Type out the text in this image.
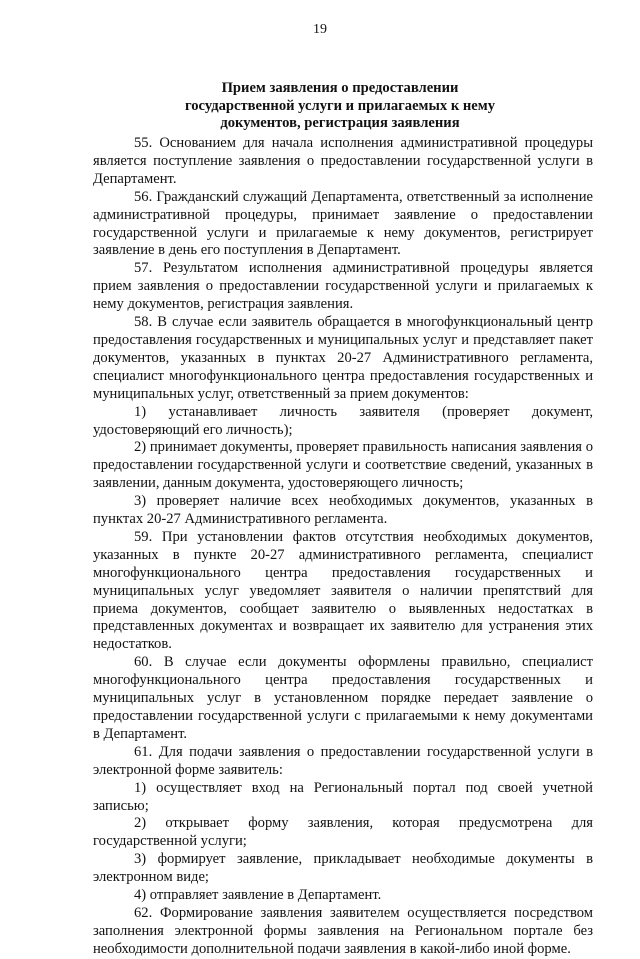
19
Прием заявления о предоставлении
государственной услуги и прилагаемых к нему
документов, регистрация заявления

55. Основанием для начала исполнения административной процедуры является поступление заявления о предоставлении государственной услуги в Департамент.

56. Гражданский служащий Департамента, ответственный за исполнение административной процедуры, принимает заявление о предоставлении государственной услуги и прилагаемые к нему документов, регистрирует заявление в день его поступления в Департамент.

57. Результатом исполнения административной процедуры является прием заявления о предоставлении государственной услуги и прилагаемых к нему документов, регистрация заявления.

58. В случае если заявитель обращается в многофункциональный центр предоставления государственных и муниципальных услуг и представляет пакет документов, указанных в пунктах 20-27 Административного регламента, специалист многофункционального центра предоставления государственных и муниципальных услуг, ответственный за прием документов:

1) устанавливает личность заявителя (проверяет документ, удостоверяющий его личность);

2) принимает документы, проверяет правильность написания заявления о предоставлении государственной услуги и соответствие сведений, указанных в заявлении, данным документа, удостоверяющего личность;

3) проверяет наличие всех необходимых документов, указанных в пунктах 20-27 Административного регламента.

59. При установлении фактов отсутствия необходимых документов, указанных в пункте 20-27 административного регламента, специалист многофункционального центра предоставления государственных и муниципальных услуг уведомляет заявителя о наличии препятствий для приема документов, сообщает заявителю о выявленных недостатках в представленных документах и возвращает их заявителю для устранения этих недостатков.

60. В случае если документы оформлены правильно, специалист многофункционального центра предоставления государственных и муниципальных услуг в установленном порядке передает заявление о предоставлении государственной услуги с прилагаемыми к нему документами в Департамент.

61. Для подачи заявления о предоставлении государственной услуги в электронной форме заявитель:

1) осуществляет вход на Региональный портал под своей учетной записью;

2) открывает форму заявления, которая предусмотрена для государственной услуги;

3) формирует заявление, прикладывает необходимые документы в электронном виде;

4) отправляет заявление в Департамент.

62. Формирование заявления заявителем осуществляется посредством заполнения электронной формы заявления на Региональном портале без необходимости дополнительной подачи заявления в какой-либо иной форме.
